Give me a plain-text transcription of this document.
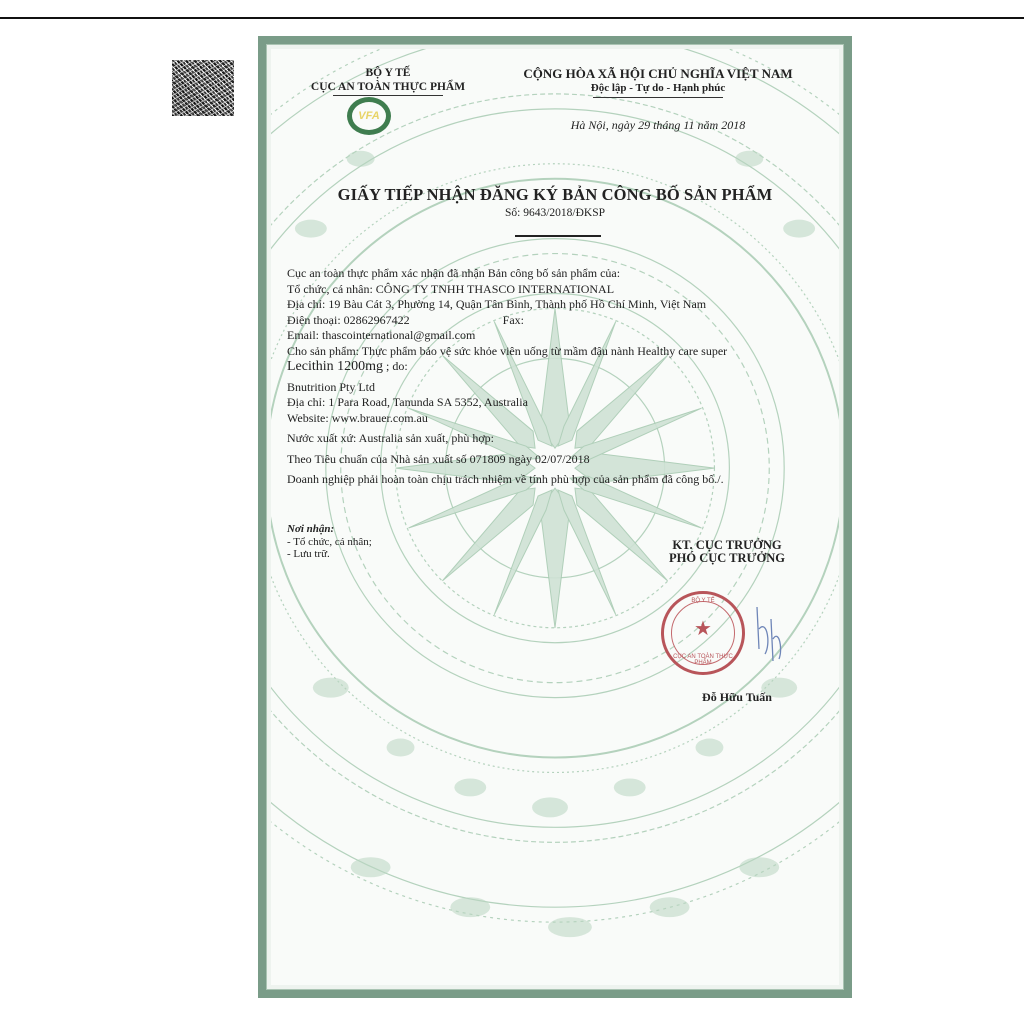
BỘ Y TẾ
CỤC AN TOÀN THỰC PHẨM
VFA
CỘNG HÒA XÃ HỘI CHỦ NGHĨA VIỆT NAM
Độc lập - Tự do - Hạnh phúc
Hà Nội, ngày 29 tháng 11 năm 2018
GIẤY TIẾP NHẬN ĐĂNG KÝ BẢN CÔNG BỐ SẢN PHẨM
Số: 9643/2018/ĐKSP
Cục an toàn thực phẩm xác nhận đã nhận Bản công bố sản phẩm của:
Tổ chức, cá nhân: CÔNG TY TNHH THASCO INTERNATIONAL
Địa chỉ: 19 Bàu Cát 3, Phường 14, Quận Tân Bình, Thành phố Hồ Chí Minh, Việt Nam
Điện thoại: 02862967422	Fax:
Email: thascointernational@gmail.com
Cho sản phẩm: Thực phẩm bảo vệ sức khỏe viên uống từ mầm đậu nành Healthy care super
Lecithin 1200mg ; do:
Bnutrition Pty Ltd
Địa chỉ: 1 Para Road, Tanunda SA 5352, Australia
Website: www.brauer.com.au
Nước xuất xứ: Australia sản xuất, phù hợp:
Theo Tiêu chuẩn của Nhà sản xuất số 071809 ngày 02/07/2018
Doanh nghiệp phải hoàn toàn chịu trách nhiệm về tính phù hợp của sản phẩm đã công bố./.
Nơi nhận:
- Tổ chức, cá nhân;
- Lưu trữ.
KT. CỤC TRƯỞNG
PHÓ CỤC TRƯỞNG
BỘ Y TẾ
★
CỤC AN TOÀN THỰC PHẨM
Đỗ Hữu Tuấn
